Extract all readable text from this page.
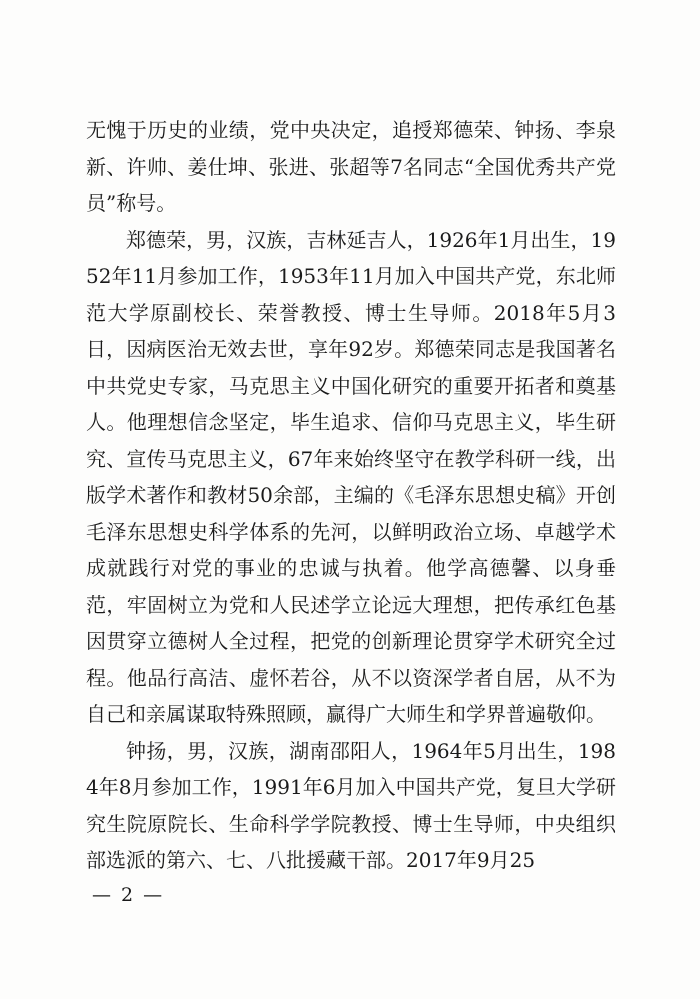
无愧于历史的业绩，党中央决定，追授郑德荣、钟扬、李泉新、许帅、姜仕坤、张进、张超等7名同志“全国优秀共产党员”称号。

郑德荣，男，汉族，吉林延吉人，1926年1月出生，1952年11月参加工作，1953年11月加入中国共产党，东北师范大学原副校长、荣誉教授、博士生导师。2018年5月3日，因病医治无效去世，享年92岁。郑德荣同志是我国著名中共党史专家，马克思主义中国化研究的重要开拓者和奠基人。他理想信念坚定，毕生追求、信仰马克思主义，毕生研究、宣传马克思主义，67年来始终坚守在教学科研一线，出版学术著作和教材50余部，主编的《毛泽东思想史稿》开创毛泽东思想史科学体系的先河，以鲜明政治立场、卓越学术成就践行对党的事业的忠诚与执着。他学高德馨、以身垂范，牢固树立为党和人民述学立论远大理想，把传承红色基因贯穿立德树人全过程，把党的创新理论贯穿学术研究全过程。他品行高洁、虚怀若谷，从不以资深学者自居，从不为自己和亲属谋取特殊照顾，赢得广大师生和学界普遍敬仰。

钟扬，男，汉族，湖南邵阳人，1964年5月出生，1984年8月参加工作，1991年6月加入中国共产党，复旦大学研究生院原院长、生命科学学院教授、博士生导师，中央组织部选派的第六、七、八批援藏干部。2017年9月25

— 2 —
